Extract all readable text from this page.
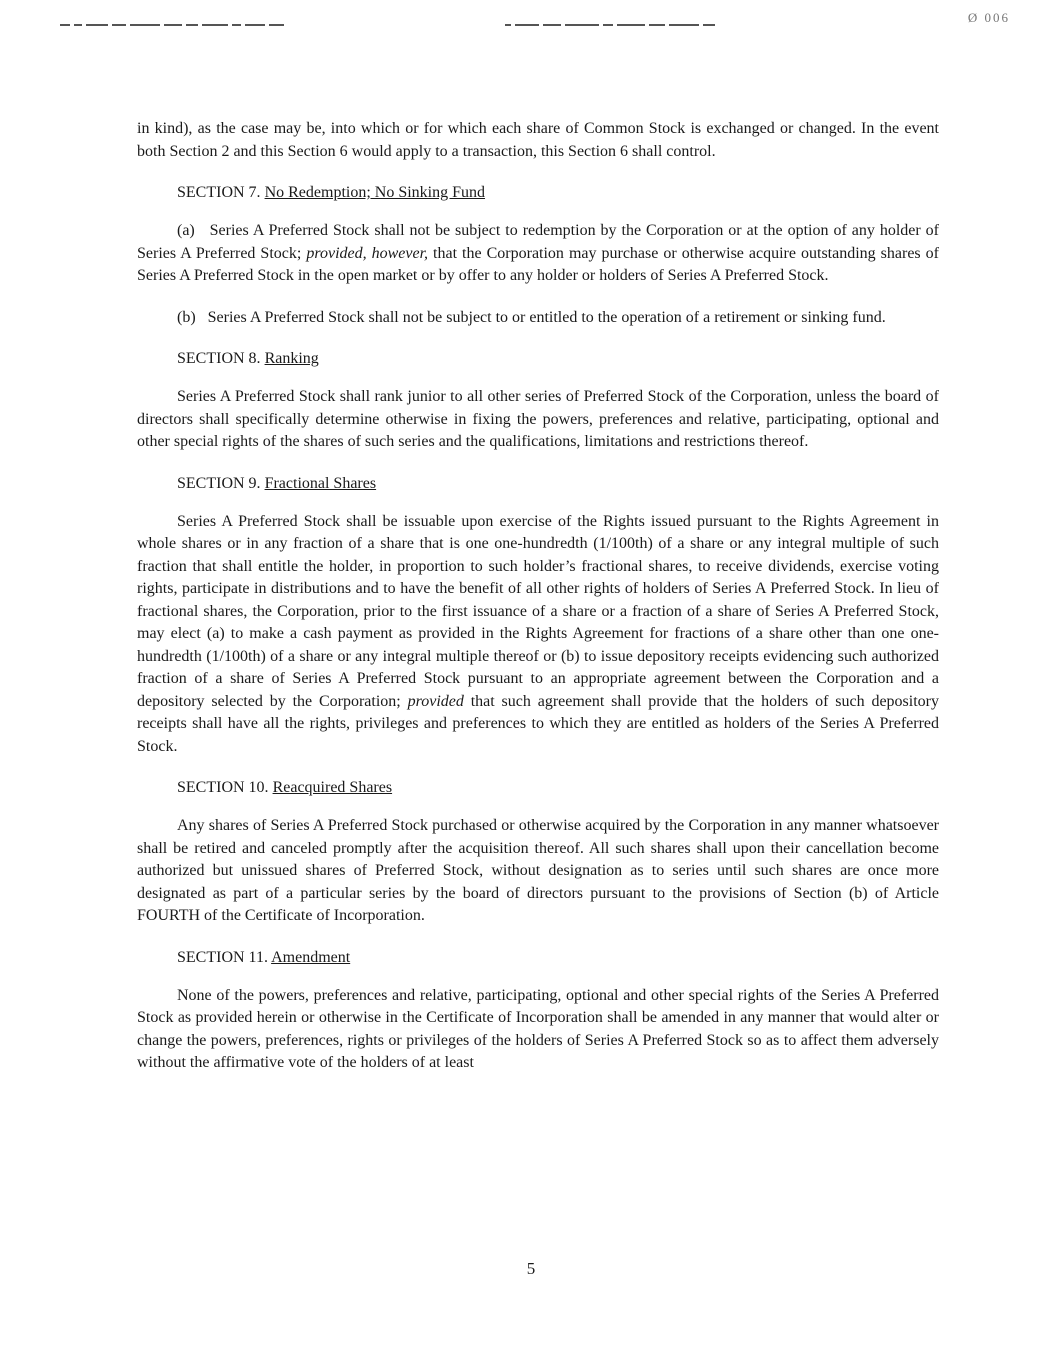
Ø 006

in kind), as the case may be, into which or for which each share of Common Stock is exchanged or changed. In the event both Section 2 and this Section 6 would apply to a transaction, this Section 6 shall control.

SECTION 7. No Redemption; No Sinking Fund

(a)   Series A Preferred Stock shall not be subject to redemption by the Corporation or at the option of any holder of Series A Preferred Stock; provided, however, that the Corporation may purchase or otherwise acquire outstanding shares of Series A Preferred Stock in the open market or by offer to any holder or holders of Series A Preferred Stock.

(b)   Series A Preferred Stock shall not be subject to or entitled to the operation of a retirement or sinking fund.

SECTION 8. Ranking

Series A Preferred Stock shall rank junior to all other series of Preferred Stock of the Corporation, unless the board of directors shall specifically determine otherwise in fixing the powers, preferences and relative, participating, optional and other special rights of the shares of such series and the qualifications, limitations and restrictions thereof.

SECTION 9. Fractional Shares

Series A Preferred Stock shall be issuable upon exercise of the Rights issued pursuant to the Rights Agreement in whole shares or in any fraction of a share that is one one-hundredth (1/100th) of a share or any integral multiple of such fraction that shall entitle the holder, in proportion to such holder’s fractional shares, to receive dividends, exercise voting rights, participate in distributions and to have the benefit of all other rights of holders of Series A Preferred Stock. In lieu of fractional shares, the Corporation, prior to the first issuance of a share or a fraction of a share of Series A Preferred Stock, may elect (a) to make a cash payment as provided in the Rights Agreement for fractions of a share other than one one-hundredth (1/100th) of a share or any integral multiple thereof or (b) to issue depository receipts evidencing such authorized fraction of a share of Series A Preferred Stock pursuant to an appropriate agreement between the Corporation and a depository selected by the Corporation; provided that such agreement shall provide that the holders of such depository receipts shall have all the rights, privileges and preferences to which they are entitled as holders of the Series A Preferred Stock.

SECTION 10. Reacquired Shares

Any shares of Series A Preferred Stock purchased or otherwise acquired by the Corporation in any manner whatsoever shall be retired and canceled promptly after the acquisition thereof. All such shares shall upon their cancellation become authorized but unissued shares of Preferred Stock, without designation as to series until such shares are once more designated as part of a particular series by the board of directors pursuant to the provisions of Section (b) of Article FOURTH of the Certificate of Incorporation.

SECTION 11. Amendment

None of the powers, preferences and relative, participating, optional and other special rights of the Series A Preferred Stock as provided herein or otherwise in the Certificate of Incorporation shall be amended in any manner that would alter or change the powers, preferences, rights or privileges of the holders of Series A Preferred Stock so as to affect them adversely without the affirmative vote of the holders of at least

5
